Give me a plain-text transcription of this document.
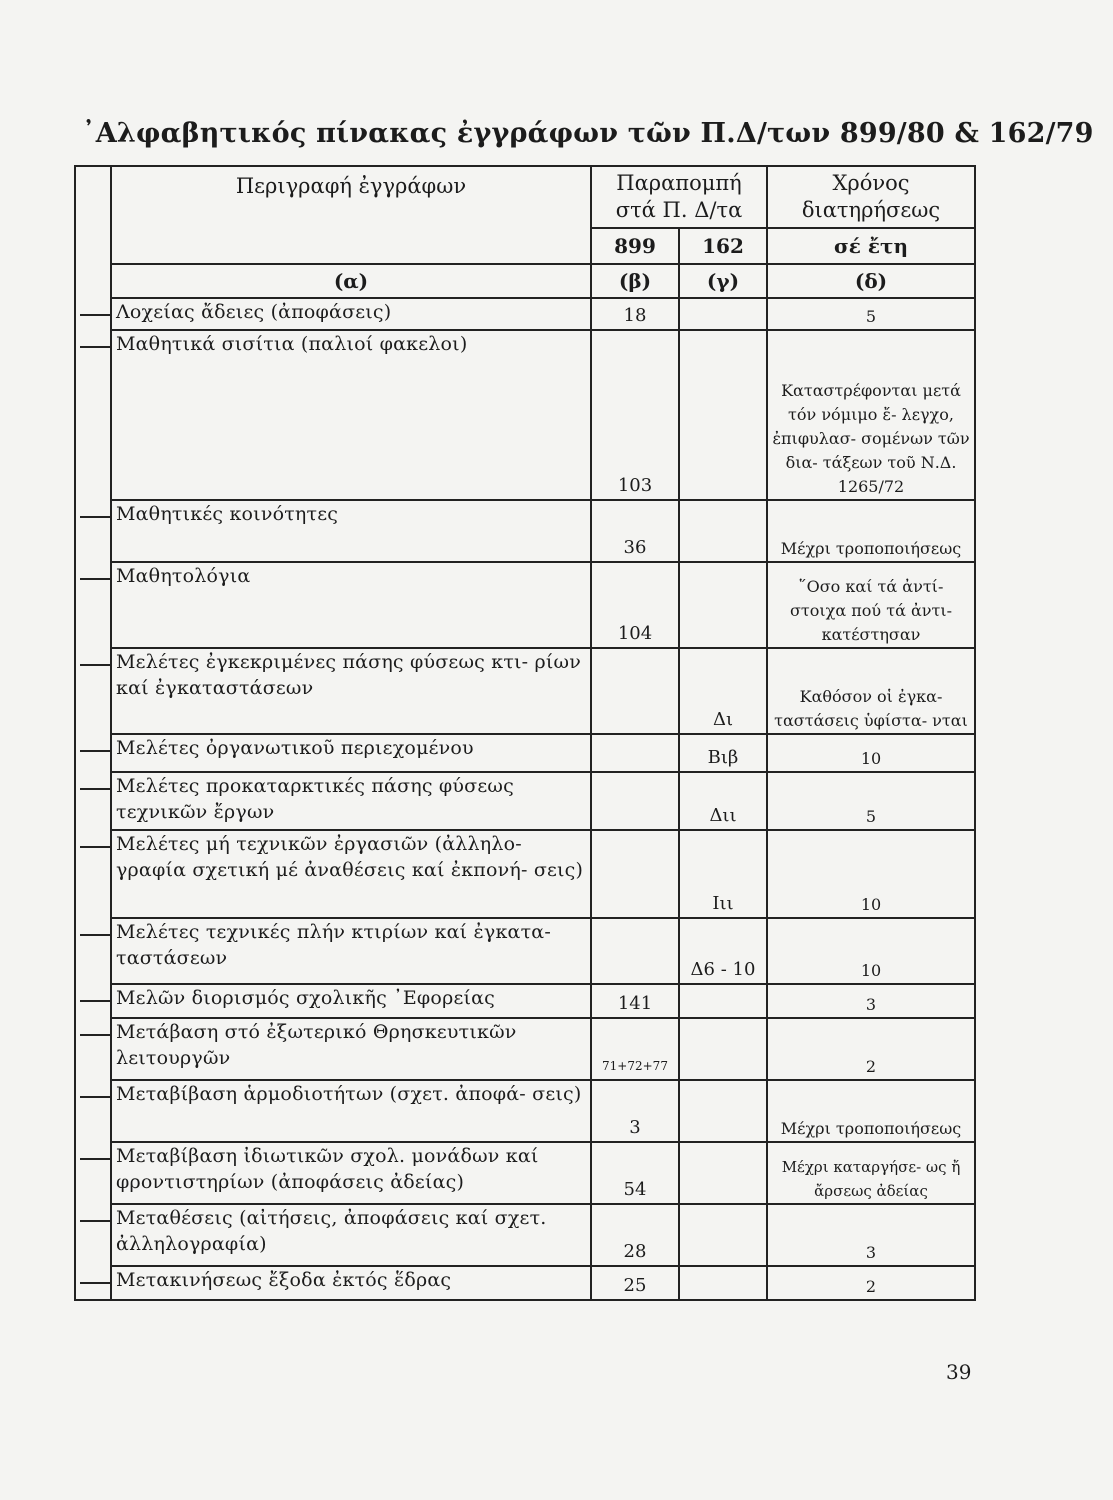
᾿Αλφαβητικός πίνακας ἐγγράφων τῶν Π.Δ/των 899/80 & 162/79
	Περιγραφή ἐγγράφων	Παραπομπή στά Π. Δ/τα		Χρόνος διατηρήσεως
		899	162	σέ ἔτη
	(α)	(β)	(γ)	(δ)
	Λοχείας ἄδειες (ἀποφάσεις)	18		5
	Μαθητικά σισίτια (παλιοί φακελοι)	103		Καταστρέφονται μετά τόν νόμιμο ἔ- λεγχο, ἐπιφυλασ- σομένων τῶν δια- τάξεων τοῦ Ν.Δ. 1265/72
	Μαθητικές κοινότητες	36		Μέχρι τροποποιήσεως
	Μαθητολόγια	104		῞Οσο καί τά ἀντί- στοιχα πού τά ἀντι- κατέστησαν
	Μελέτες ἐγκεκριμένες πάσης φύσεως κτι- ρίων καί ἐγκαταστάσεων		Δι	Καθόσον οἱ ἐγκα- ταστάσεις ὑφίστα- νται
	Μελέτες ὀργανωτικοῦ περιεχομένου		Βιβ	10
	Μελέτες προκαταρκτικές πάσης φύσεως τεχνικῶν ἔργων		Διι	5
	Μελέτες μή τεχνικῶν ἐργασιῶν (ἀλληλο- γραφία σχετική μέ ἀναθέσεις καί ἐκπονή- σεις)		Ιιι	10
	Μελέτες τεχνικές πλήν κτιρίων καί ἐγκατα- ταστάσεων		Δ6 - 10	10
	Μελῶν διορισμός σχολικῆς ᾿Εφορείας	141		3
	Μετάβαση στό ἐξωτερικό Θρησκευτικῶν λειτουργῶν	71+72+77		2
	Μεταβίβαση ἁρμοδιοτήτων (σχετ. ἀποφά- σεις)	3		Μέχρι τροποποιήσεως
	Μεταβίβαση ἰδιωτικῶν σχολ. μονάδων καί φροντιστηρίων (ἀποφάσεις ἀδείας)	54		Μέχρι καταργήσε- ως ἤ ἄρσεως ἀδείας
	Μεταθέσεις (αἰτήσεις, ἀποφάσεις καί σχετ. ἀλληλογραφία)	28		3
	Μετακινήσεως ἔξοδα ἐκτός ἕδρας	25		2
39
